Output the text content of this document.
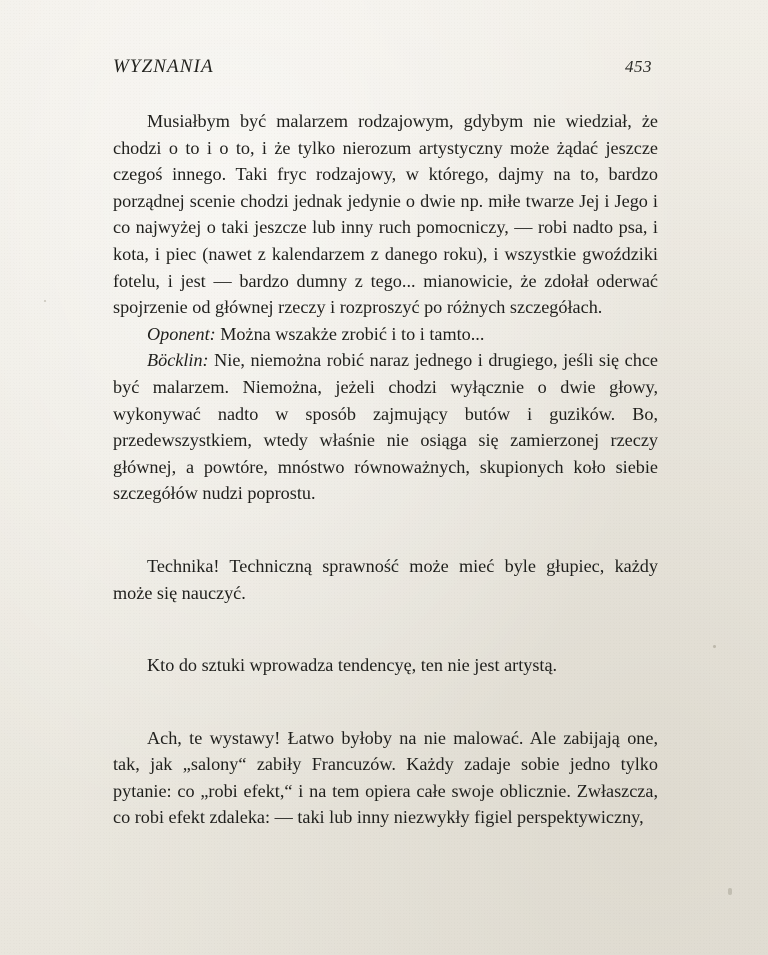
WYZNANIA	453

Musiałbym być malarzem rodzajowym, gdybym nie wiedział, że chodzi o to i o to, i że tylko nierozum artystyczny może żądać jeszcze czegoś innego. Taki fryc rodzajowy, w którego, dajmy na to, bardzo porządnej scenie chodzi jednak jedynie o dwie np. miłe twarze Jej i Jego i co najwyżej o taki jeszcze lub inny ruch pomocniczy, — robi nadto psa, i kota, i piec (nawet z kalendarzem z danego roku), i wszystkie gwoździki fotelu, i jest — bardzo dumny z tego... mianowicie, że zdołał oderwać spojrzenie od głównej rzeczy i rozproszyć po różnych szczegółach.

Oponent: Można wszakże zrobić i to i tamto...

Böcklin: Nie, niemożna robić naraz jednego i drugiego, jeśli się chce być malarzem. Niemożna, jeżeli chodzi wyłącznie o dwie głowy, wykonywać nadto w sposób zajmujący butów i guzików. Bo, przedewszystkiem, wtedy właśnie nie osiąga się zamierzonej rzeczy głównej, a powtóre, mnóstwo równoważnych, skupionych koło siebie szczegółów nudzi poprostu.

Technika! Techniczną sprawność może mieć byle głupiec, każdy może się nauczyć.

Kto do sztuki wprowadza tendencyę, ten nie jest artystą.

Ach, te wystawy! Łatwo byłoby na nie malować. Ale zabijają one, tak, jak „salony“ zabiły Francuzów. Każdy zadaje sobie jedno tylko pytanie: co „robi efekt,“ i na tem opiera całe swoje oblicznie. Zwłaszcza, co robi efekt zdaleka: — taki lub inny niezwykły figiel perspektywiczny,
